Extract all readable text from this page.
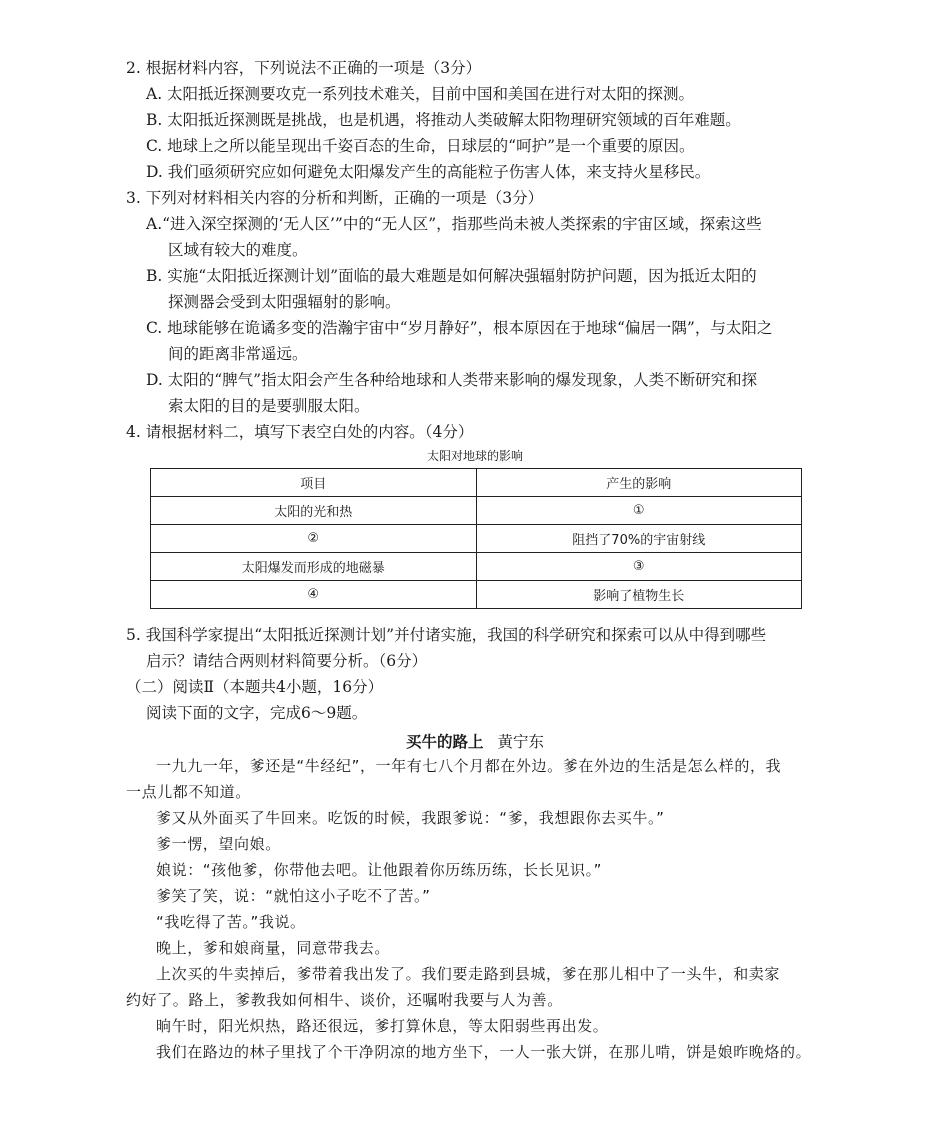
2. 根据材料内容，下列说法不正确的一项是（3分）
A. 太阳抵近探测要攻克一系列技术难关，目前中国和美国在进行对太阳的探测。
B. 太阳抵近探测既是挑战，也是机遇，将推动人类破解太阳物理研究领域的百年难题。
C. 地球上之所以能呈现出千姿百态的生命，日球层的“呵护”是一个重要的原因。
D. 我们亟须研究应如何避免太阳爆发产生的高能粒子伤害人体，来支持火星移民。
3. 下列对材料相关内容的分析和判断，正确的一项是（3分）
A.“进入深空探测的‘无人区’”中的“无人区”，指那些尚未被人类探索的宇宙区域，探索这些
区域有较大的难度。
B. 实施“太阳抵近探测计划”面临的最大难题是如何解决强辐射防护问题，因为抵近太阳的
探测器会受到太阳强辐射的影响。
C. 地球能够在诡谲多变的浩瀚宇宙中“岁月静好”，根本原因在于地球“偏居一隅”，与太阳之
间的距离非常遥远。
D. 太阳的“脾气”指太阳会产生各种给地球和人类带来影响的爆发现象，人类不断研究和探
索太阳的目的是要驯服太阳。
4. 请根据材料二，填写下表空白处的内容。（4分）
太阳对地球的影响
项目	产生的影响
太阳的光和热	①
②	阻挡了70%的宇宙射线
太阳爆发而形成的地磁暴	③
④	影响了植物生长
5. 我国科学家提出“太阳抵近探测计划”并付诸实施，我国的科学研究和探索可以从中得到哪些
启示？请结合两则材料简要分析。（6分）
（二）阅读Ⅱ（本题共4小题，16分）
阅读下面的文字，完成6～9题。
买牛的路上 黄宁东
一九九一年，爹还是“牛经纪”，一年有七八个月都在外边。爹在外边的生活是怎么样的，我
一点儿都不知道。
爹又从外面买了牛回来。吃饭的时候，我跟爹说：“爹，我想跟你去买牛。”
爹一愣，望向娘。
娘说：“孩他爹，你带他去吧。让他跟着你历练历练，长长见识。”
爹笑了笑，说：“就怕这小子吃不了苦。”
“我吃得了苦。”我说。
晚上，爹和娘商量，同意带我去。
上次买的牛卖掉后，爹带着我出发了。我们要走路到县城，爹在那儿相中了一头牛，和卖家
约好了。路上，爹教我如何相牛、谈价，还嘱咐我要与人为善。
晌午时，阳光炽热，路还很远，爹打算休息，等太阳弱些再出发。
我们在路边的林子里找了个干净阴凉的地方坐下，一人一张大饼，在那儿啃，饼是娘昨晚烙的。
